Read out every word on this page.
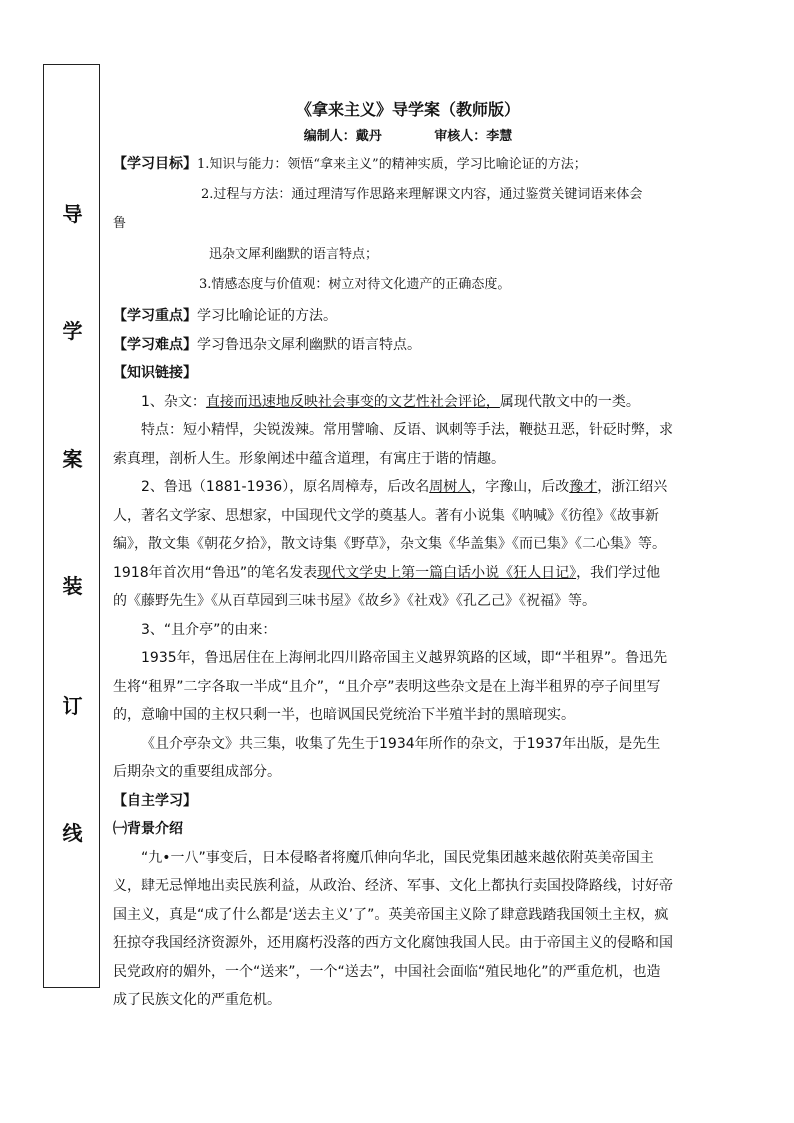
导
学
案
装
订
线
《拿来主义》导学案（教师版）
编制人：戴丹	审核人：李慧

【学习目标】1.知识与能力：领悟“拿来主义”的精神实质，学习比喻论证的方法；

2.过程与方法：通过理清写作思路来理解课文内容，通过鉴赏关键词语来体会

鲁

迅杂文犀利幽默的语言特点；

3.情感态度与价值观：树立对待文化遗产的正确态度。

【学习重点】学习比喻论证的方法。

【学习难点】学习鲁迅杂文犀利幽默的语言特点。

【知识链接】

1、杂文：直接而迅速地反映社会事变的文艺性社会评论，属现代散文中的一类。

特点：短小精悍，尖锐泼辣。常用譬喻、反语、讽刺等手法，鞭挞丑恶，针砭时弊，求索真理，剖析人生。形象阐述中蕴含道理，有寓庄于谐的情趣。

2、鲁迅（1881-1936），原名周樟寿，后改名周树人，字豫山，后改豫才，浙江绍兴人，著名文学家、思想家，中国现代文学的奠基人。著有小说集《呐喊》《彷徨》《故事新编》，散文集《朝花夕拾》，散文诗集《野草》，杂文集《华盖集》《而已集》《二心集》等。1918年首次用“鲁迅”的笔名发表现代文学史上第一篇白话小说《狂人日记》，我们学过他的《藤野先生》《从百草园到三味书屋》《故乡》《社戏》《孔乙己》《祝福》等。

3、“且介亭”的由来：

1935年，鲁迅居住在上海闸北四川路帝国主义越界筑路的区域，即“半租界”。鲁迅先生将“租界”二字各取一半成“且介”，“且介亭”表明这些杂文是在上海半租界的亭子间里写的，意喻中国的主权只剩一半，也暗讽国民党统治下半殖半封的黑暗现实。

《且介亭杂文》共三集，收集了先生于1934年所作的杂文，于1937年出版，是先生后期杂文的重要组成部分。

【自主学习】

㈠背景介绍

“九•一八”事变后，日本侵略者将魔爪伸向华北，国民党集团越来越依附英美帝国主义，肆无忌惮地出卖民族利益，从政治、经济、军事、文化上都执行卖国投降路线，讨好帝国主义，真是“成了什么都是‘送去主义’了”。英美帝国主义除了肆意践踏我国领土主权，疯狂掠夺我国经济资源外，还用腐朽没落的西方文化腐蚀我国人民。由于帝国主义的侵略和国民党政府的媚外，一个“送来”，一个“送去”，中国社会面临“殖民地化”的严重危机，也造成了民族文化的严重危机。
